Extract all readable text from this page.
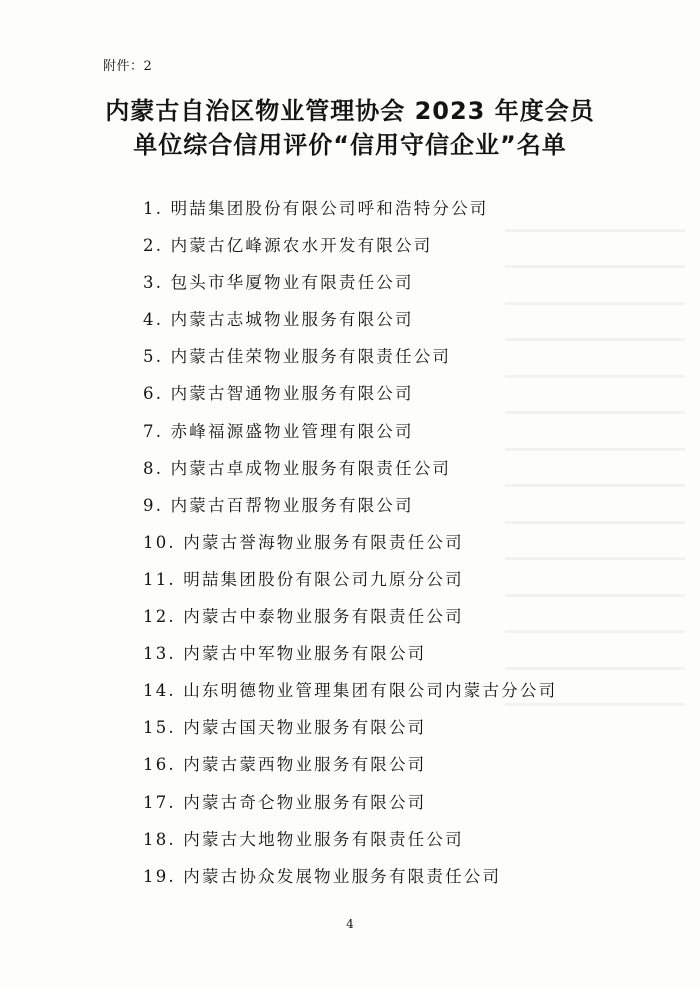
附件：2
内蒙古自治区物业管理协会 2023 年度会员
单位综合信用评价“信用守信企业”名单
1. 明喆集团股份有限公司呼和浩特分公司
2. 内蒙古亿峰源农水开发有限公司
3. 包头市华厦物业有限责任公司
4. 内蒙古志城物业服务有限公司
5. 内蒙古佳荣物业服务有限责任公司
6. 内蒙古智通物业服务有限公司
7. 赤峰福源盛物业管理有限公司
8. 内蒙古卓成物业服务有限责任公司
9. 内蒙古百帮物业服务有限公司
10. 内蒙古誉海物业服务有限责任公司
11. 明喆集团股份有限公司九原分公司
12. 内蒙古中泰物业服务有限责任公司
13. 内蒙古中军物业服务有限公司
14. 山东明德物业管理集团有限公司内蒙古分公司
15. 内蒙古国天物业服务有限公司
16. 内蒙古蒙西物业服务有限公司
17. 内蒙古奇仑物业服务有限公司
18. 内蒙古大地物业服务有限责任公司
19. 内蒙古协众发展物业服务有限责任公司
4
